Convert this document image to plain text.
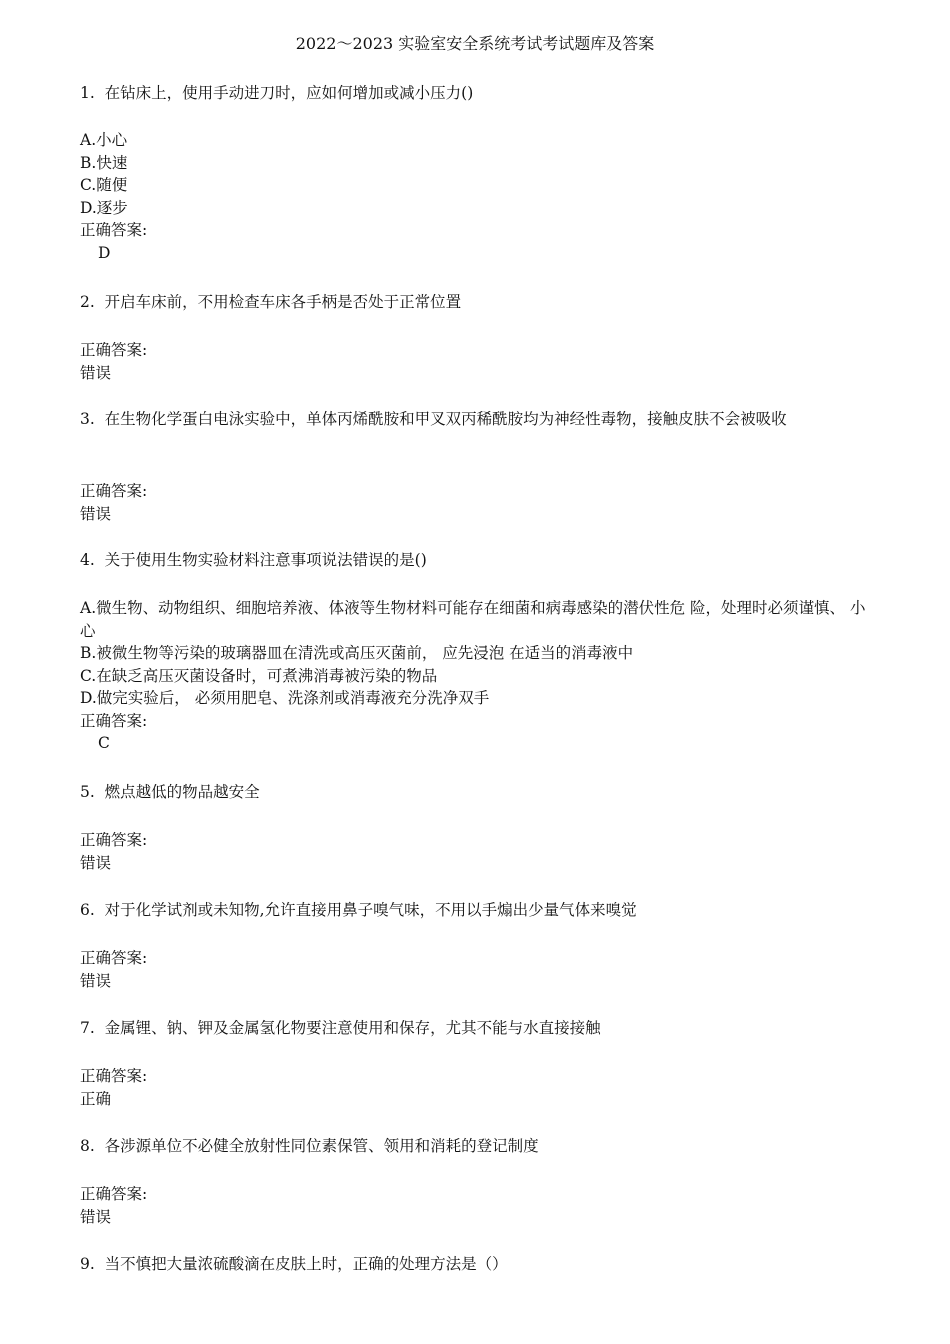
2022～2023 实验室安全系统考试考试题库及答案
1. 在钻床上，使用手动进刀时，应如何增加或减小压力()
A.小心
B.快速
C.随便
D.逐步
正确答案:
D
2. 开启车床前，不用检查车床各手柄是否处于正常位置
正确答案:
错误
3. 在生物化学蛋白电泳实验中，单体丙烯酰胺和甲叉双丙稀酰胺均为神经性毒物，接触皮肤不会被吸收
正确答案:
错误
4. 关于使用生物实验材料注意事项说法错误的是()
A.微生物、动物组织、细胞培养液、体液等生物材料可能存在细菌和病毒感染的潜伏性危 险，处理时必须谨慎、 小心
B.被微生物等污染的玻璃器皿在清洗或高压灭菌前， 应先浸泡 在适当的消毒液中
C.在缺乏高压灭菌设备时，可煮沸消毒被污染的物品
D.做完实验后， 必须用肥皂、洗涤剂或消毒液充分洗净双手
正确答案:
C
5. 燃点越低的物品越安全
正确答案:
错误
6. 对于化学试剂或未知物,允许直接用鼻子嗅气味，不用以手煽出少量气体来嗅觉
正确答案:
错误
7. 金属锂、钠、钾及金属氢化物要注意使用和保存，尤其不能与水直接接触
正确答案:
正确
8. 各涉源单位不必健全放射性同位素保管、领用和消耗的登记制度
正确答案:
错误
9. 当不慎把大量浓硫酸滴在皮肤上时，正确的处理方法是（）
